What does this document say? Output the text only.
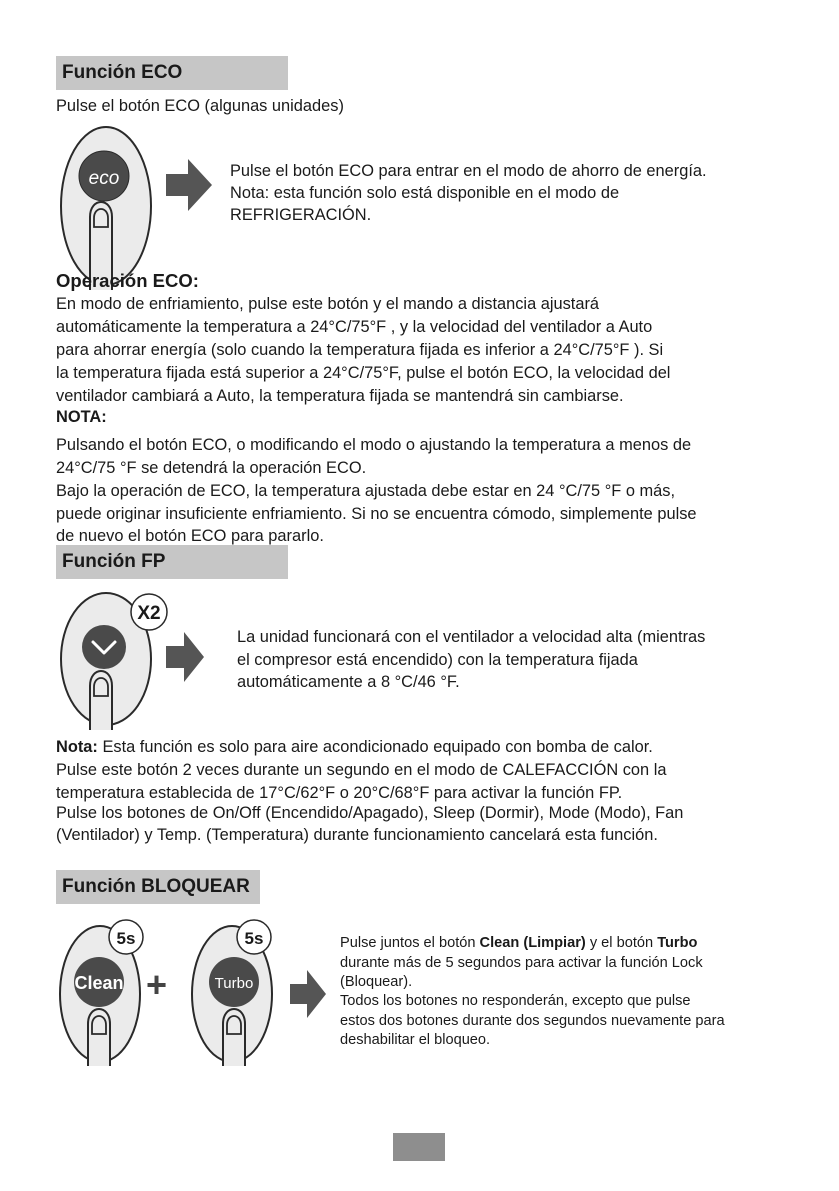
Función ECO
Pulse el botón ECO (algunas unidades)
eco	Pulse el botón ECO para entrar en el modo de ahorro de energía.
Nota: esta función solo está disponible en el modo de
REFRIGERACIÓN.
Operación ECO:
En modo de enfriamiento, pulse este botón y el mando a distancia ajustará
automáticamente la temperatura a 24°C/75°F , y la velocidad del ventilador a Auto
para ahorrar energía (solo cuando la temperatura fijada es inferior a 24°C/75°F ). Si
la temperatura fijada está superior a 24°C/75°F, pulse el botón ECO, la velocidad del
ventilador cambiará a Auto, la temperatura fijada se mantendrá sin cambiarse.
NOTA:
Pulsando el botón ECO, o modificando el modo o ajustando la temperatura a menos de
24°C/75 °F se detendrá la operación ECO.
Bajo la operación de ECO, la temperatura ajustada debe estar en 24 °C/75 °F o más,
puede originar insuficiente enfriamiento. Si no se encuentra cómodo, simplemente pulse
de nuevo el botón ECO para pararlo.
Función FP
X2
La unidad funcionará con el ventilador a velocidad alta (mientras
el compresor está encendido) con la temperatura fijada
automáticamente a 8 °C/46 °F.
Nota: Esta función es solo para aire acondicionado equipado con bomba de calor.
Pulse este botón 2 veces durante un segundo en el modo de CALEFACCIÓN con la
temperatura establecida de 17°C/62°F o 20°C/68°F para activar la función FP.
Pulse los botones de On/Off (Encendido/Apagado), Sleep (Dormir), Mode (Modo), Fan
(Ventilador) y Temp. (Temperatura) durante funcionamiento cancelará esta función.
Función BLOQUEAR
5s
Clean +
5s
Turbo
Pulse juntos el botón Clean (Limpiar) y el botón Turbo
durante más de 5 segundos para activar la función Lock
(Bloquear).
Todos los botones no responderán, excepto que pulse
estos dos botones durante dos segundos nuevamente para
deshabilitar el bloqueo.
